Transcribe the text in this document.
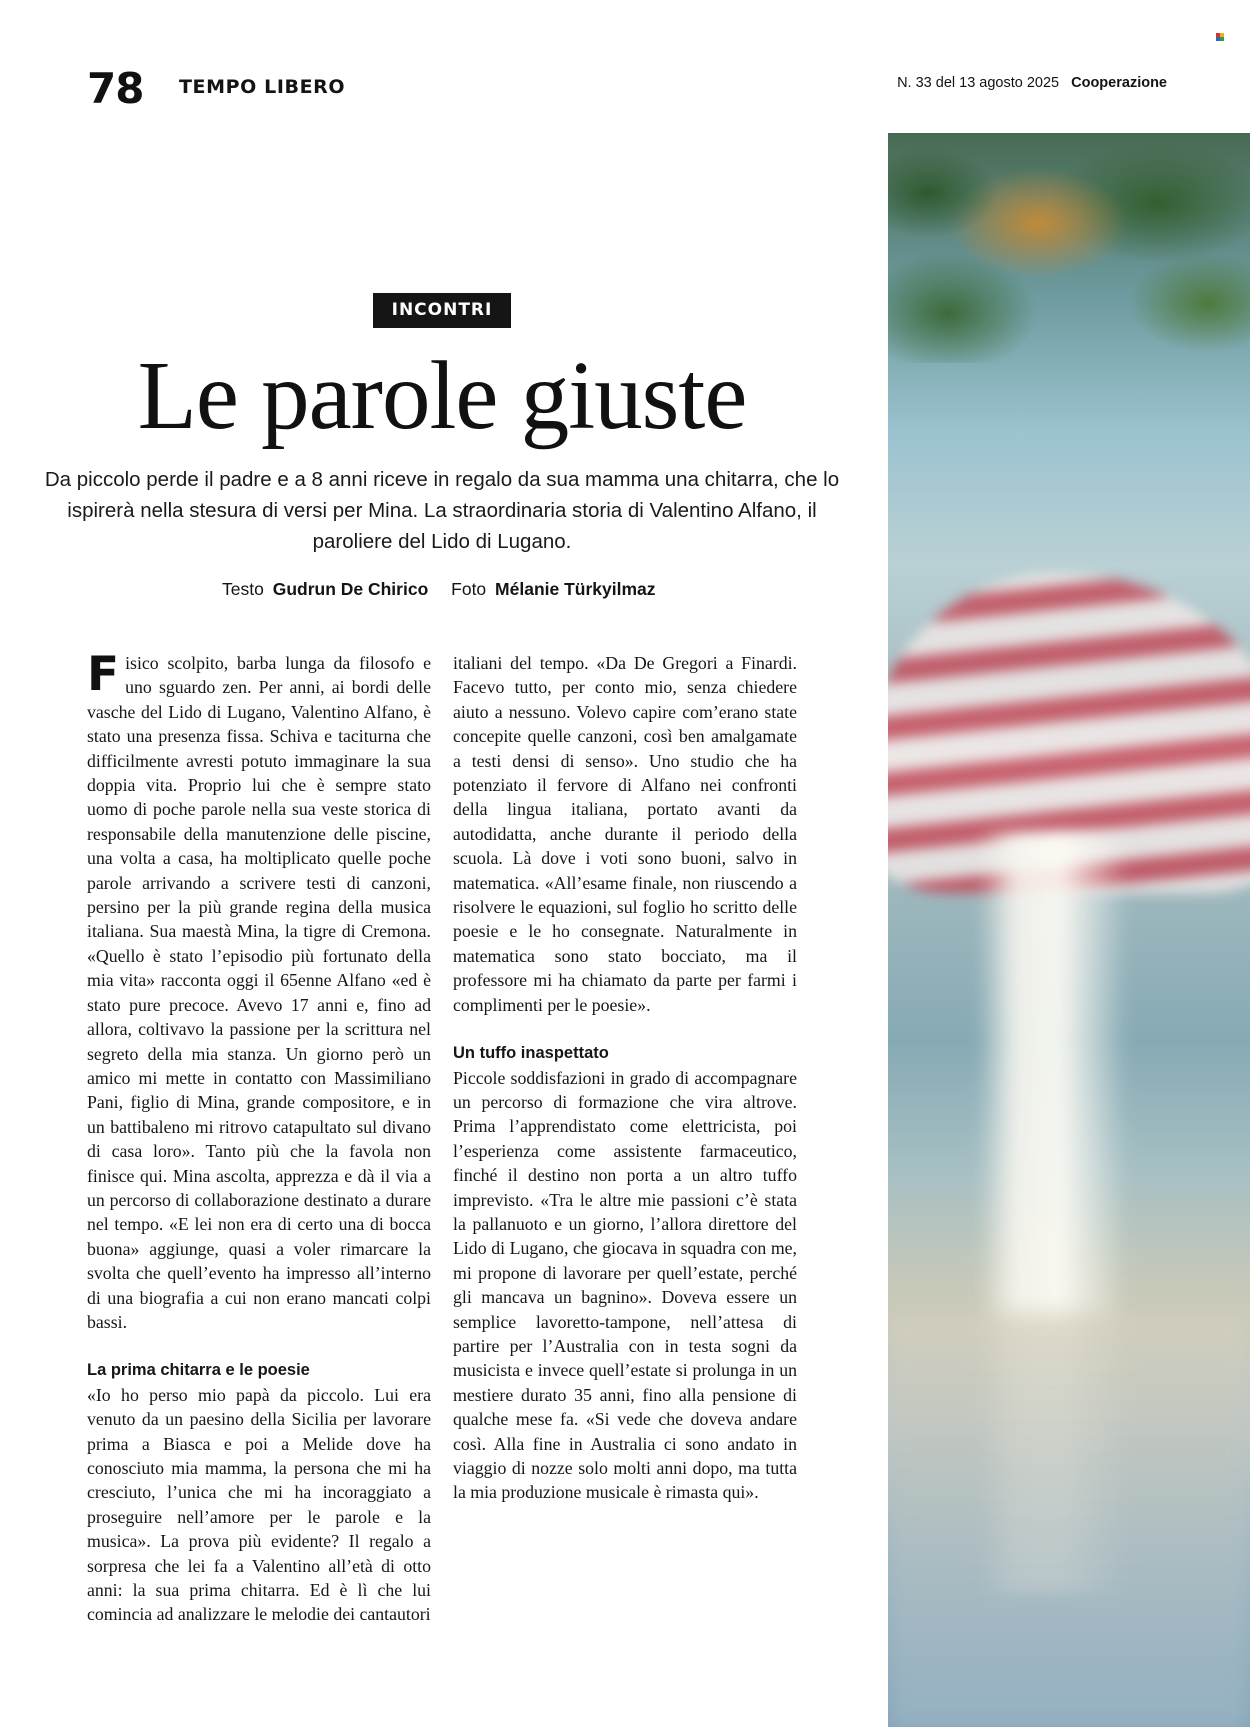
78 TEMPO LIBERO	N. 33 del 13 agosto 2025 Cooperazione
INCONTRI
Le parole giuste

Da piccolo perde il padre e a 8 anni riceve in regalo da sua mamma una chitarra, che lo ispirerà nella stesura di versi per Mina. La straordinaria storia di Valentino Alfano, il paroliere del Lido di Lugano.

Testo Gudrun De Chirico Foto Mélanie Türkyilmaz

Fisico scolpito, barba lunga da filosofo e uno sguardo zen. Per anni, ai bordi delle vasche del Lido di Lugano, Valentino Alfano, è stato una presenza fissa. Schiva e taciturna che difficilmente avresti potuto immaginare la sua doppia vita. Proprio lui che è sempre stato uomo di poche parole nella sua veste storica di responsabile della manutenzione delle piscine, una volta a casa, ha moltiplicato quelle poche parole arrivando a scrivere testi di canzoni, persino per la più grande regina della musica italiana. Sua maestà Mina, la tigre di Cremona. «Quello è stato l’episodio più fortunato della mia vita» racconta oggi il 65enne Alfano «ed è stato pure precoce. Avevo 17 anni e, fino ad allora, coltivavo la passione per la scrittura nel segreto della mia stanza. Un giorno però un amico mi mette in contatto con Massimiliano Pani, figlio di Mina, grande compositore, e in un battibaleno mi ritrovo catapultato sul divano di casa loro». Tanto più che la favola non finisce qui. Mina ascolta, apprezza e dà il via a un percorso di collaborazione destinato a durare nel tempo. «E lei non era di certo una di bocca buona» aggiunge, quasi a voler rimarcare la svolta che quell’evento ha impresso all’interno di una biografia a cui non erano mancati colpi bassi.

La prima chitarra e le poesie

«Io ho perso mio papà da piccolo. Lui era venuto da un paesino della Sicilia per lavorare prima a Biasca e poi a Melide dove ha conosciuto mia mamma, la persona che mi ha cresciuto, l’unica che mi ha incoraggiato a proseguire nell’amore per le parole e la musica». La prova più evidente? Il regalo a sorpresa che lei fa a Valentino all’età di otto anni: la sua prima chitarra. Ed è lì che lui comincia ad analizzare le melodie dei cantautori

italiani del tempo. «Da De Gregori a Finardi. Facevo tutto, per conto mio, senza chiedere aiuto a nessuno. Volevo capire com’erano state concepite quelle canzoni, così ben amalgamate a testi densi di senso». Uno studio che ha potenziato il fervore di Alfano nei confronti della lingua italiana, portato avanti da autodidatta, anche durante il periodo della scuola. Là dove i voti sono buoni, salvo in matematica. «All’esame finale, non riuscendo a risolvere le equazioni, sul foglio ho scritto delle poesie e le ho consegnate. Naturalmente in matematica sono stato bocciato, ma il professore mi ha chiamato da parte per farmi i complimenti per le poesie».

Un tuffo inaspettato

Piccole soddisfazioni in grado di accompagnare un percorso di formazione che vira altrove. Prima l’apprendistato come elettricista, poi l’esperienza come assistente farmaceutico, finché il destino non porta a un altro tuffo imprevisto. «Tra le altre mie passioni c’è stata la pallanuoto e un giorno, l’allora direttore del Lido di Lugano, che giocava in squadra con me, mi propone di lavorare per quell’estate, perché gli mancava un bagnino». Doveva essere un semplice lavoretto-tampone, nell’attesa di partire per l’Australia con in testa sogni da musicista e invece quell’estate si prolunga in un mestiere durato 35 anni, fino alla pensione di qualche mese fa. «Si vede che doveva andare così. Alla fine in Australia ci sono andato in viaggio di nozze solo molti anni dopo, ma tutta la mia produzione musicale è rimasta qui».
